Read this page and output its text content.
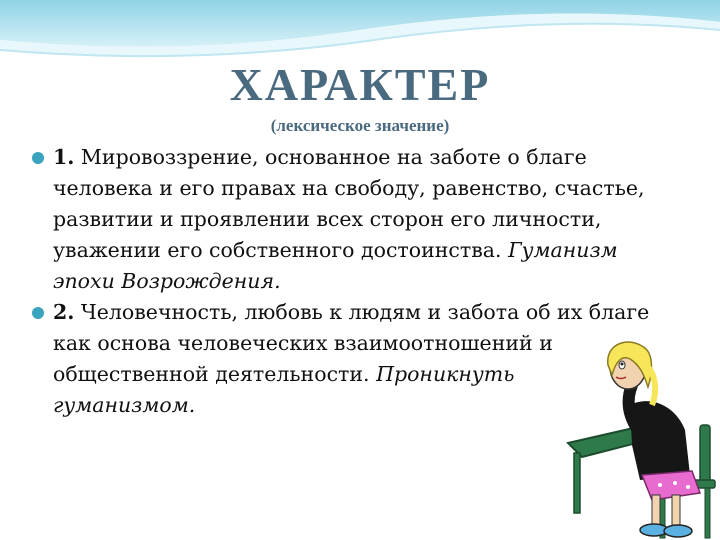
ХАРАКТЕР
(лексическое значение)
1. Мировоззрение, основанное на заботе о благе человека и его правах на свободу, равенство, счастье, развитии и проявлении всех сторон его личности, уважении его собственного достоинства. Гуманизм эпохи Возрождения.
2. Человечность, любовь к людям и забота об их благе как основа человеческих взаимоотношений и общественной деятельности. Проникнуть гуманизмом.
